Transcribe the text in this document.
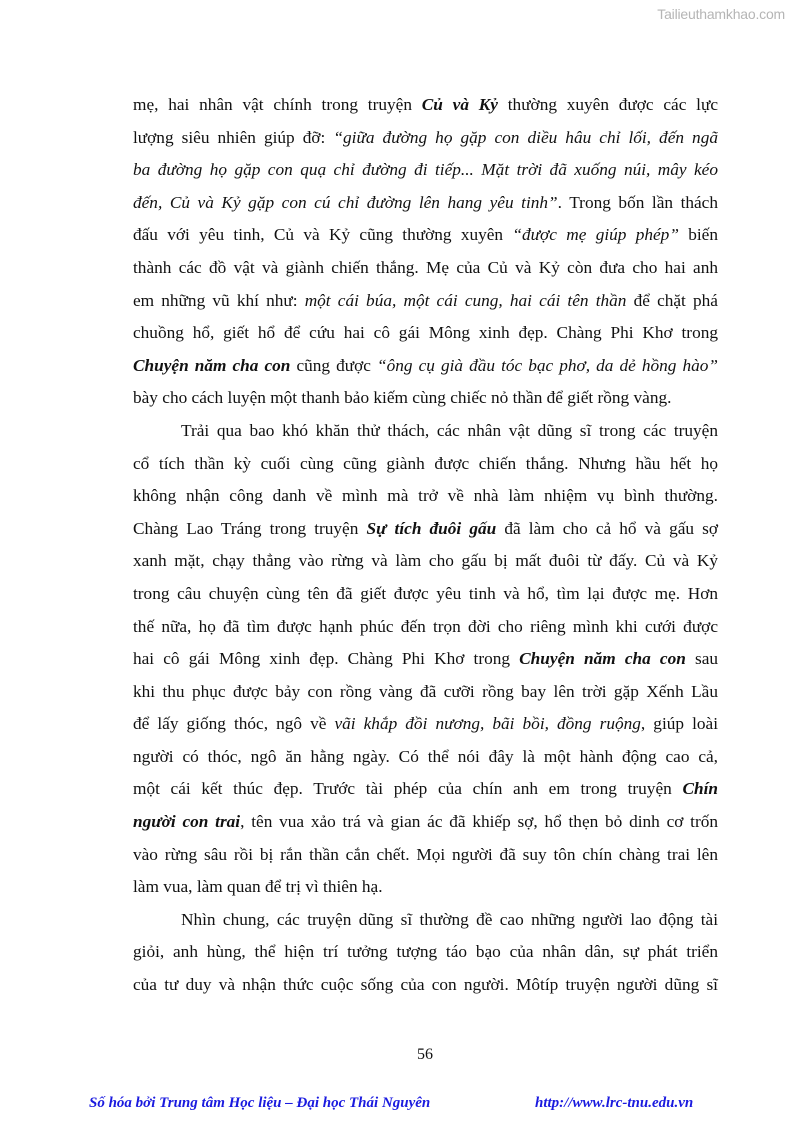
Tailieuthamkhao.com
mẹ, hai nhân vật chính trong truyện Củ và Kỷ thường xuyên được các lực
lượng siêu nhiên giúp đỡ: “giữa đường họ gặp con diều hâu chỉ lối, đến ngã
ba đường họ gặp con quạ chỉ đường đi tiếp... Mặt trời đã xuống núi, mây kéo
đến, Củ và Kỷ gặp con cú chỉ đường lên hang yêu tinh”. Trong bốn lần thách
đấu với yêu tinh, Củ và Kỷ cũng thường xuyên “được mẹ giúp phép” biến
thành các đồ vật và giành chiến thắng. Mẹ của Củ và Kỷ còn đưa cho hai anh
em những vũ khí như: một cái búa, một cái cung, hai cái tên thần để chặt phá
chuồng hổ, giết hổ để cứu hai cô gái Mông xinh đẹp. Chàng Phi Khơ trong
Chuyện năm cha con cũng được “ông cụ già đầu tóc bạc phơ, da dẻ hồng hào”
bày cho cách luyện một thanh bảo kiếm cùng chiếc nỏ thần để giết rồng vàng.
Trải qua bao khó khăn thử thách, các nhân vật dũng sĩ trong các truyện
cổ tích thần kỳ cuối cùng cũng giành được chiến thắng. Nhưng hầu hết họ
không nhận công danh về mình mà trở về nhà làm nhiệm vụ bình thường.
Chàng Lao Tráng trong truyện Sự tích đuôi gấu đã làm cho cả hổ và gấu sợ
xanh mặt, chạy thẳng vào rừng và làm cho gấu bị mất đuôi từ đấy. Củ và Kỷ
trong câu chuyện cùng tên đã giết được yêu tinh và hổ, tìm lại được mẹ. Hơn
thế nữa, họ đã tìm được hạnh phúc đến trọn đời cho riêng mình khi cưới được
hai cô gái Mông xinh đẹp. Chàng Phi Khơ trong Chuyện năm cha con sau
khi thu phục được bảy con rồng vàng đã cưỡi rồng bay lên trời gặp Xếnh Lầu
để lấy giống thóc, ngô về vãi khắp đồi nương, bãi bồi, đồng ruộng, giúp loài
người có thóc, ngô ăn hằng ngày. Có thể nói đây là một hành động cao cả,
một cái kết thúc đẹp. Trước tài phép của chín anh em trong truyện Chín
người con trai, tên vua xảo trá và gian ác đã khiếp sợ, hổ thẹn bỏ dinh cơ trốn
vào rừng sâu rồi bị rắn thần cắn chết. Mọi người đã suy tôn chín chàng trai lên
làm vua, làm quan để trị vì thiên hạ.
Nhìn chung, các truyện dũng sĩ thường đề cao những người lao động tài
giỏi, anh hùng, thể hiện trí tưởng tượng táo bạo của nhân dân, sự phát triển
của tư duy và nhận thức cuộc sống của con người. Môtíp truyện người dũng sĩ
56
Số hóa bởi Trung tâm Học liệu – Đại học Thái Nguyên	http://www.lrc-tnu.edu.vn
